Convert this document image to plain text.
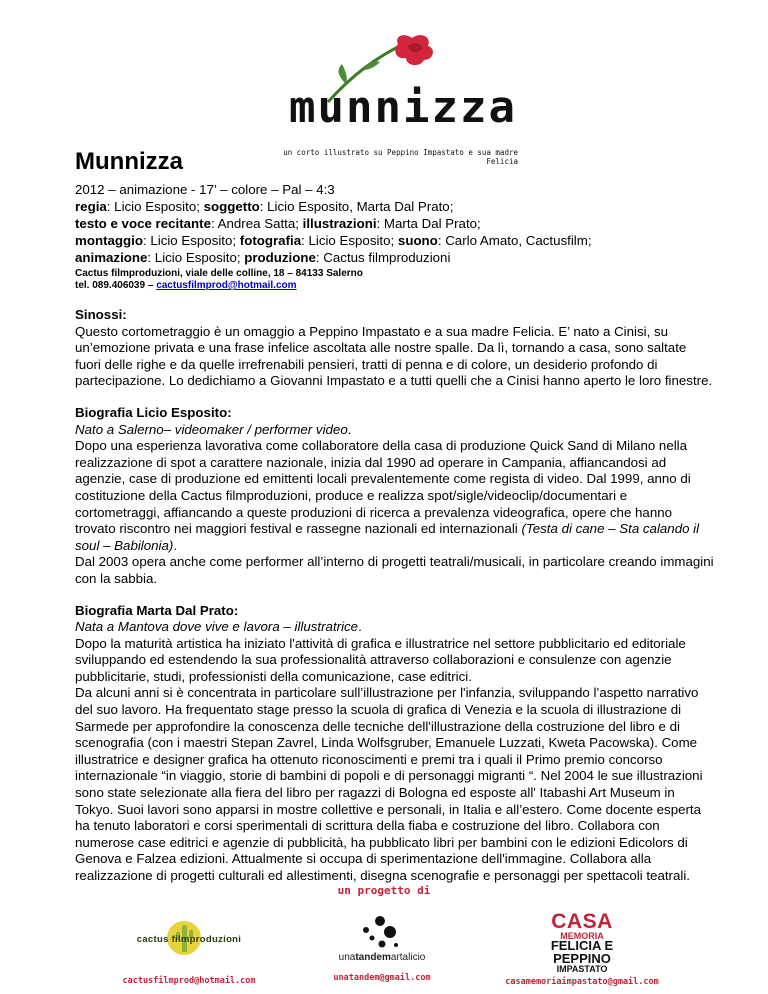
munnizza
un corto illustrato su Peppino Impastato e sua madre Felicia
Munnizza
2012 – animazione - 17’ – colore – Pal – 4:3
regia: Licio Esposito; soggetto: Licio Esposito, Marta Dal Prato;
testo e voce recitante: Andrea Satta; illustrazioni: Marta Dal Prato;
montaggio: Licio Esposito; fotografia: Licio Esposito; suono: Carlo Amato, Cactusfilm;
animazione: Licio Esposito; produzione: Cactus filmproduzioni
Cactus filmproduzioni, viale delle colline, 18 – 84133 Salerno
tel. 089.406039 – cactusfilmprod@hotmail.com
Sinossi:

Questo cortometraggio è un omaggio a Peppino Impastato e a sua madre Felicia. E’ nato a Cinisi, su un’emozione privata e una frase infelice ascoltata alle nostre spalle. Da lì, tornando a casa, sono saltate fuori delle righe e da quelle irrefrenabili pensieri, tratti di penna e di colore, un desiderio profondo di partecipazione. Lo dedichiamo a Giovanni Impastato e a tutti quelli che a Cinisi hanno aperto le loro finestre.

Biografia Licio Esposito:

Nato a Salerno– videomaker / performer video.

Dopo una esperienza lavorativa come collaboratore della casa di produzione Quick Sand di Milano nella realizzazione di spot a carattere nazionale, inizia dal 1990 ad operare in Campania, affiancandosi ad agenzie, case di produzione ed emittenti locali prevalentemente come regista di video. Dal 1999, anno di costituzione della Cactus filmproduzioni, produce e realizza spot/sigle/videoclip/documentari e cortometraggi, affiancando a queste produzioni di ricerca a prevalenza videografica, opere che hanno trovato riscontro nei maggiori festival e rassegne nazionali ed internazionali (Testa di cane – Sta calando il soul – Babilonia).

Dal 2003 opera anche come performer all’interno di progetti teatrali/musicali, in particolare creando immagini con la sabbia.

Biografia Marta Dal Prato:

Nata a Mantova dove vive e lavora – illustratrice.

Dopo la maturità artistica ha iniziato l'attività di grafica e illustratrice nel settore pubblicitario ed editoriale sviluppando ed estendendo la sua professionalità attraverso collaborazioni e consulenze con agenzie pubblicitarie, studi, professionisti della comunicazione, case editrici.

Da alcuni anni si è concentrata in particolare sull’illustrazione per l'infanzia, sviluppando l’aspetto narrativo del suo lavoro. Ha frequentato stage presso la scuola di grafica di Venezia e la scuola di illustrazione di Sarmede per approfondire la conoscenza delle tecniche dell'illustrazione della costruzione del libro e di scenografia (con i maestri Stepan Zavrel, Linda Wolfsgruber, Emanuele Luzzati, Kweta Pacowska). Come illustratrice e designer grafica ha ottenuto riconoscimenti e premi tra i quali il Primo premio concorso internazionale “in viaggio, storie di bambini di popoli e di personaggi migranti “. Nel 2004 le sue illustrazioni sono state selezionate alla fiera del libro per ragazzi di Bologna ed esposte all' Itabashi Art Museum in Tokyo. Suoi lavori sono apparsi in mostre collettive e personali, in Italia e all’estero. Come docente esperta ha tenuto laboratori e corsi sperimentali di scrittura della fiaba e costruzione del libro. Collabora con numerose case editrici e agenzie di pubblicità, ha pubblicato libri per bambini con le edizioni Edicolors di Genova e Falzea edizioni. Attualmente si occupa di sperimentazione dell'immagine. Collabora alla realizzazione di progetti culturali ed allestimenti, disegna scenografie e personaggi per spettacoli teatrali.

un progetto di
cactus filmproduzioni
cactusfilmprod@hotmail.com
unatandemartalicio
unatandem@gmail.com
CASA
MEMORIA
FELICIA E
PEPPINO
IMPASTATO
casamemoriaimpastato@gmail.com
